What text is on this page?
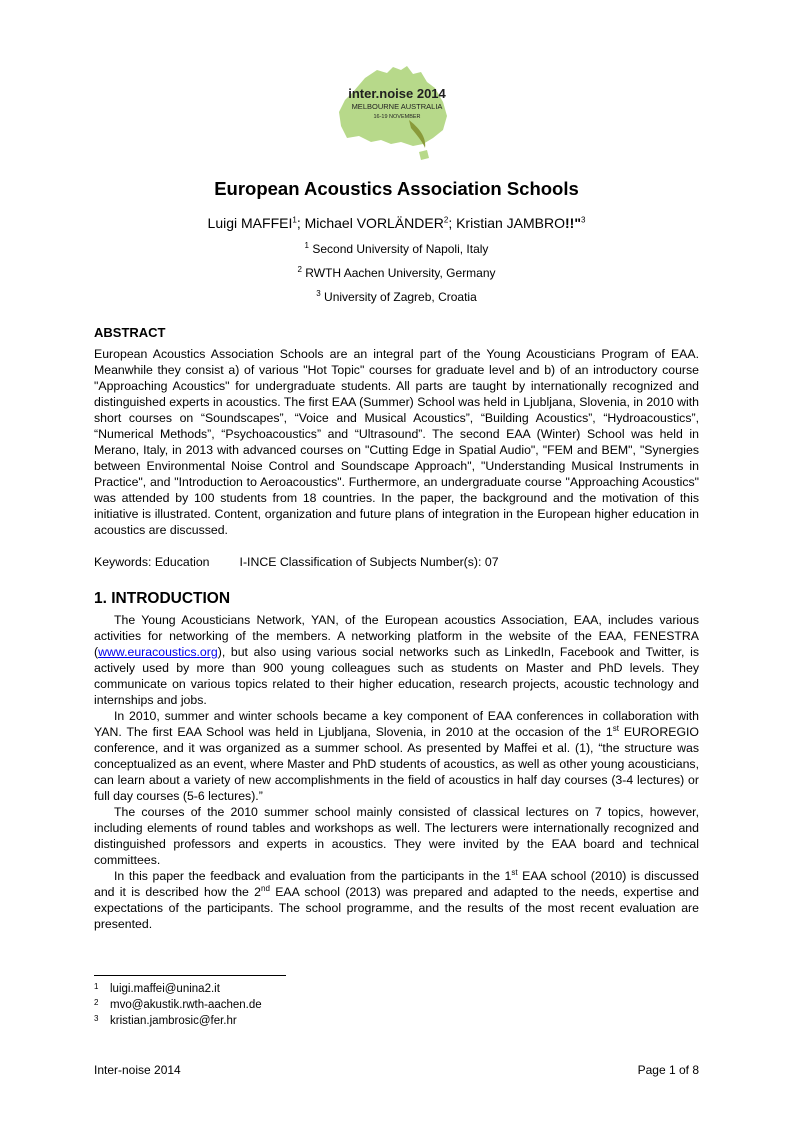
inter.noise 2014
MELBOURNE AUSTRALIA
16-19 NOVEMBER
European Acoustics Association Schools
Luigi MAFFEI$^1$; Michael VORLÄNDER$^2$; Kristian JAMBRO!!"$^3$
$^1$ Second University of Napoli, Italy
$^2$ RWTH Aachen University, Germany
$^3$ University of Zagreb, Croatia
ABSTRACT

European Acoustics Association Schools are an integral part of the Young Acousticians Program of EAA. Meanwhile they consist a) of various "Hot Topic" courses for graduate level and b) of an introductory course "Approaching Acoustics" for undergraduate students. All parts are taught by internationally recognized and distinguished experts in acoustics. The first EAA (Summer) School was held in Ljubljana, Slovenia, in 2010 with short courses on “Soundscapes”, “Voice and Musical Acoustics”, “Building Acoustics”, “Hydroacoustics”, “Numerical Methods”, “Psychoacoustics” and “Ultrasound”. The second EAA (Winter) School was held in Merano, Italy, in 2013 with advanced courses on "Cutting Edge in Spatial Audio", "FEM and BEM", "Synergies between Environmental Noise Control and Soundscape Approach", "Understanding Musical Instruments in Practice", and "Introduction to Aeroacoustics". Furthermore, an undergraduate course "Approaching Acoustics" was attended by 100 students from 18 countries. In the paper, the background and the motivation of this initiative is illustrated. Content, organization and future plans of integration in the European higher education in acoustics are discussed.

Keywords: Education I-INCE Classification of Subjects Number(s): 07
1. INTRODUCTION

The Young Acousticians Network, YAN, of the European acoustics Association, EAA, includes various activities for networking of the members. A networking platform in the website of the EAA, FENESTRA (www.euracoustics.org), but also using various social networks such as LinkedIn, Facebook and Twitter, is actively used by more than 900 young colleagues such as students on Master and PhD levels. They communicate on various topics related to their higher education, research projects, acoustic technology and internships and jobs.

In 2010, summer and winter schools became a key component of EAA conferences in collaboration with YAN. The first EAA School was held in Ljubljana, Slovenia, in 2010 at the occasion of the 1st EUROREGIO conference, and it was organized as a summer school. As presented by Maffei et al. (1), “the structure was conceptualized as an event, where Master and PhD students of acoustics, as well as other young acousticians, can learn about a variety of new accomplishments in the field of acoustics in half day courses (3-4 lectures) or full day courses (5-6 lectures).”

The courses of the 2010 summer school mainly consisted of classical lectures on 7 topics, however, including elements of round tables and workshops as well. The lecturers were internationally recognized and distinguished professors and experts in acoustics. They were invited by the EAA board and technical committees.

In this paper the feedback and evaluation from the participants in the 1st EAA school (2010) is discussed and it is described how the 2nd EAA school (2013) was prepared and adapted to the needs, expertise and expectations of the participants. The school programme, and the results of the most recent evaluation are presented.

1 luigi.maffei@unina2.it
2 mvo@akustik.rwth-aachen.de
3 kristian.jambrosic@fer.hr
Inter-noise 2014	Page 1 of 8
